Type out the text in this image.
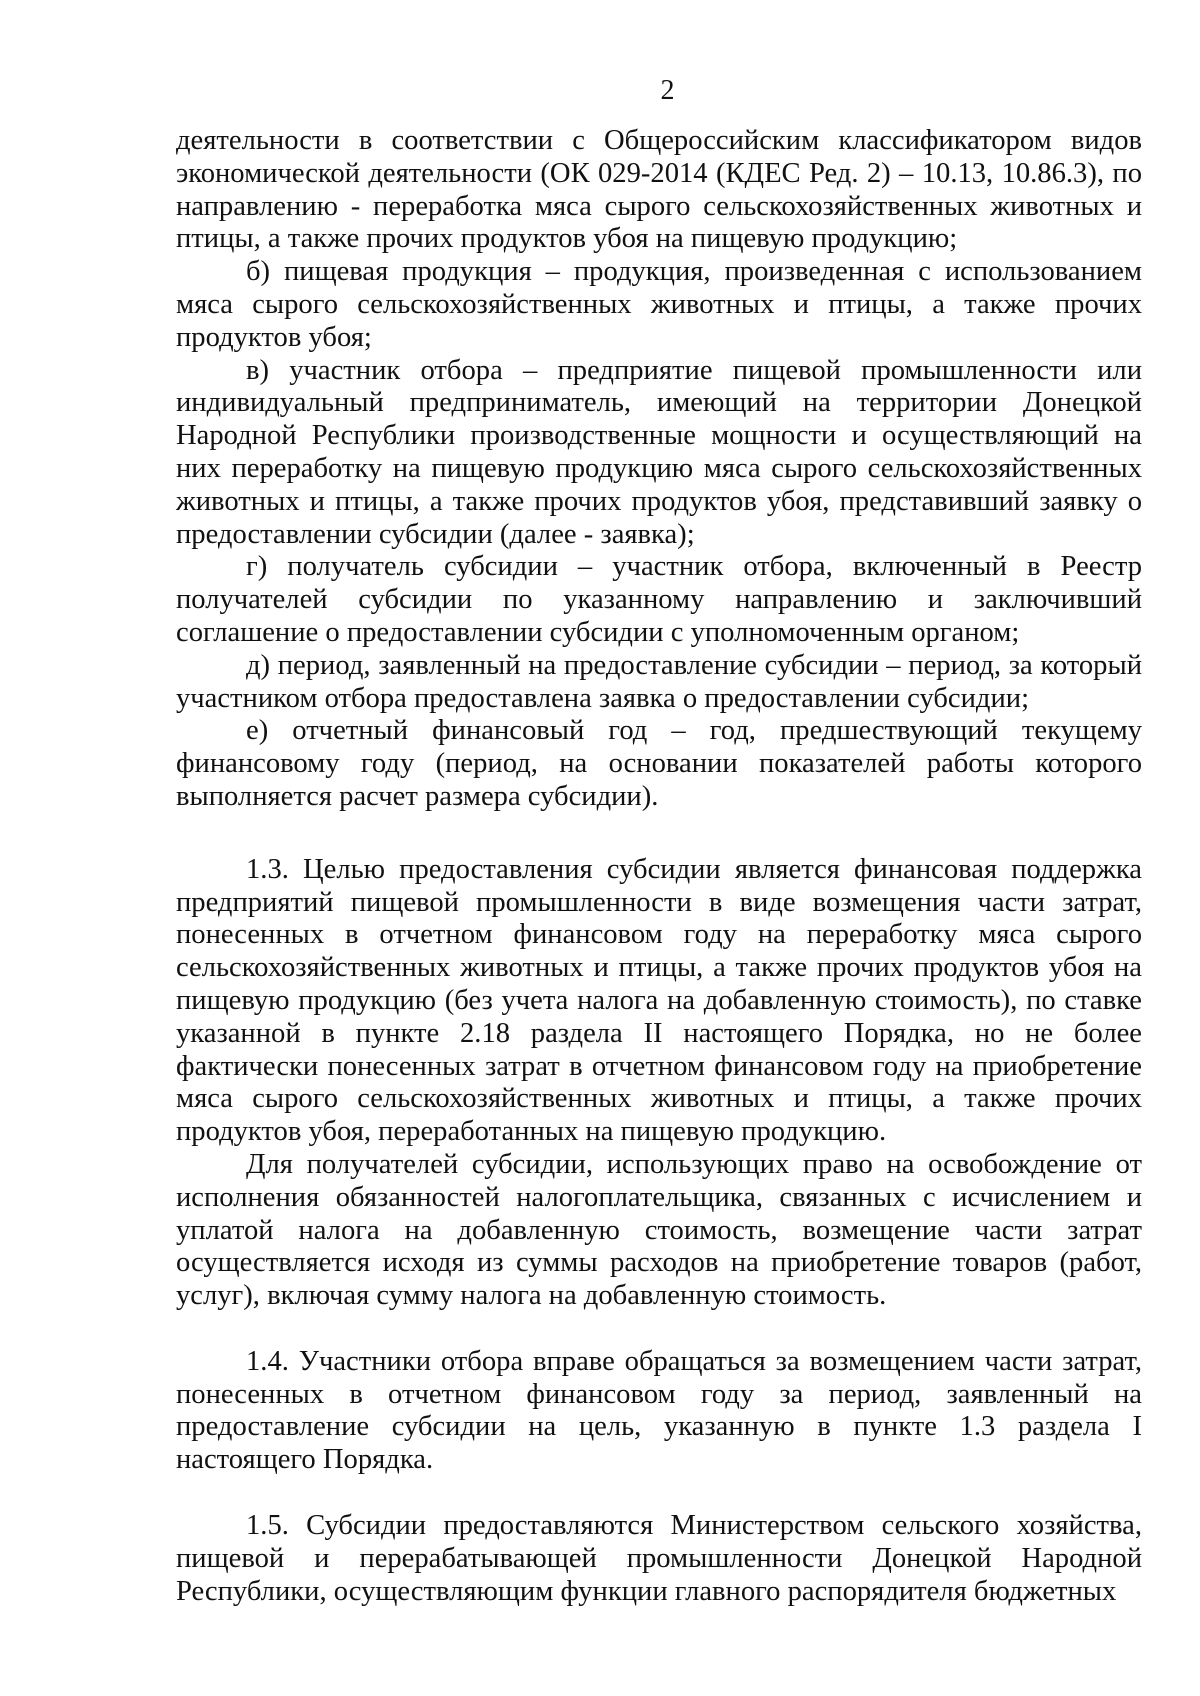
2

деятельности в соответствии с Общероссийским классификатором видов экономической деятельности (ОК 029-2014 (КДЕС Ред. 2) – 10.13, 10.86.3), по направлению - переработка мяса сырого сельскохозяйственных животных и птицы, а также прочих продуктов убоя на пищевую продукцию;

б) пищевая продукция – продукция, произведенная с использованием мяса сырого сельскохозяйственных животных и птицы, а также прочих продуктов убоя;

в) участник отбора – предприятие пищевой промышленности или индивидуальный предприниматель, имеющий на территории Донецкой Народной Республики производственные мощности и осуществляющий на них переработку на пищевую продукцию мяса сырого сельскохозяйственных животных и птицы, а также прочих продуктов убоя, представивший заявку о предоставлении субсидии (далее - заявка);

г) получатель субсидии – участник отбора, включенный в Реестр получателей субсидии по указанному направлению и заключивший соглашение о предоставлении субсидии с уполномоченным органом;

д) период, заявленный на предоставление субсидии – период, за который участником отбора предоставлена заявка о предоставлении субсидии;

е) отчетный финансовый год – год, предшествующий текущему финансовому году (период, на основании показателей работы которого выполняется расчет размера субсидии).

1.3. Целью предоставления субсидии является финансовая поддержка предприятий пищевой промышленности в виде возмещения части затрат, понесенных в отчетном финансовом году на переработку мяса сырого сельскохозяйственных животных и птицы, а также прочих продуктов убоя на пищевую продукцию (без учета налога на добавленную стоимость), по ставке указанной в пункте 2.18 раздела II настоящего Порядка, но не более фактически понесенных затрат в отчетном финансовом году на приобретение мяса сырого сельскохозяйственных животных и птицы, а также прочих продуктов убоя, переработанных на пищевую продукцию.

Для получателей субсидии, использующих право на освобождение от исполнения обязанностей налогоплательщика, связанных с исчислением и уплатой налога на добавленную стоимость, возмещение части затрат осуществляется исходя из суммы расходов на приобретение товаров (работ, услуг), включая сумму налога на добавленную стоимость.

1.4. Участники отбора вправе обращаться за возмещением части затрат, понесенных в отчетном финансовом году за период, заявленный на предоставление субсидии на цель, указанную в пункте 1.3 раздела I настоящего Порядка.

1.5. Субсидии предоставляются Министерством сельского хозяйства, пищевой и перерабатывающей промышленности Донецкой Народной Республики, осуществляющим функции главного распорядителя бюджетных
